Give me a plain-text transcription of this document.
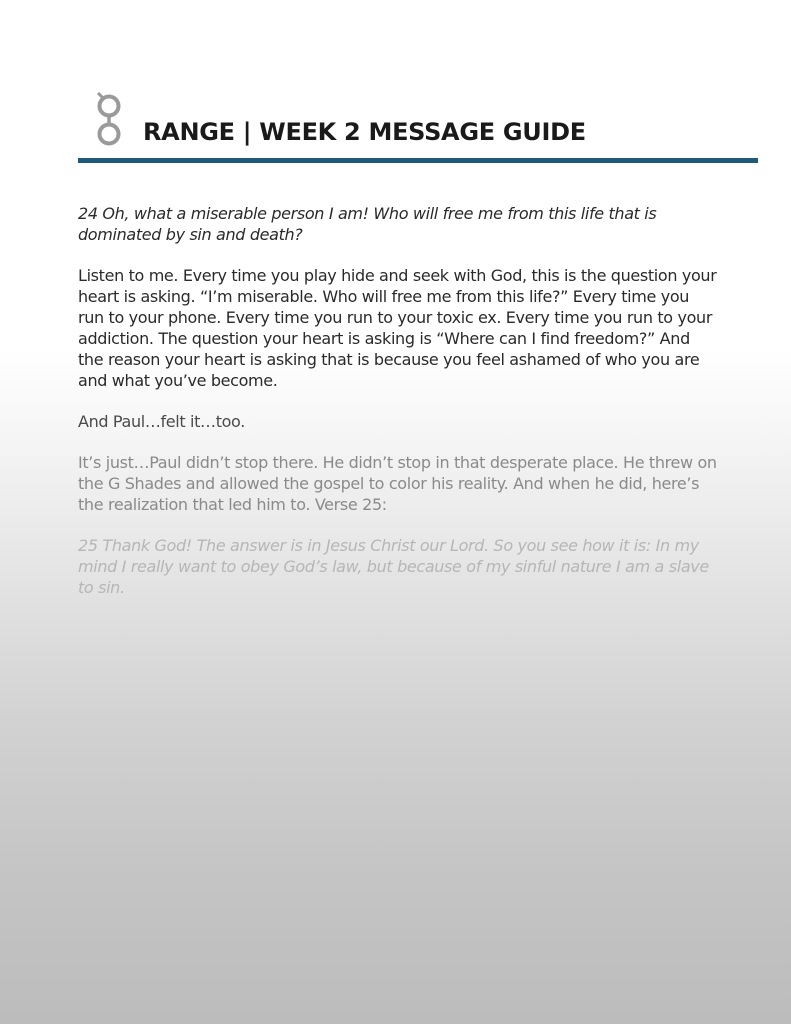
RANGE | WEEK 2 MESSAGE GUIDE

24 Oh, what a miserable person I am! Who will free me from this life that is dominated by sin and death?

Listen to me. Every time you play hide and seek with God, this is the question your heart is asking. “I’m miserable. Who will free me from this life?” Every time you run to your phone. Every time you run to your toxic ex. Every time you run to your addiction. The question your heart is asking is “Where can I find freedom?” And the reason your heart is asking that is because you feel ashamed of who you are and what you’ve become.

And Paul…felt it…too.

It’s just…Paul didn’t stop there. He didn’t stop in that desperate place. He threw on the G Shades and allowed the gospel to color his reality. And when he did, here’s the realization that led him to. Verse 25:

25 Thank God! The answer is in Jesus Christ our Lord. So you see how it is: In my mind I really want to obey God’s law, but because of my sinful nature I am a slave to sin.
